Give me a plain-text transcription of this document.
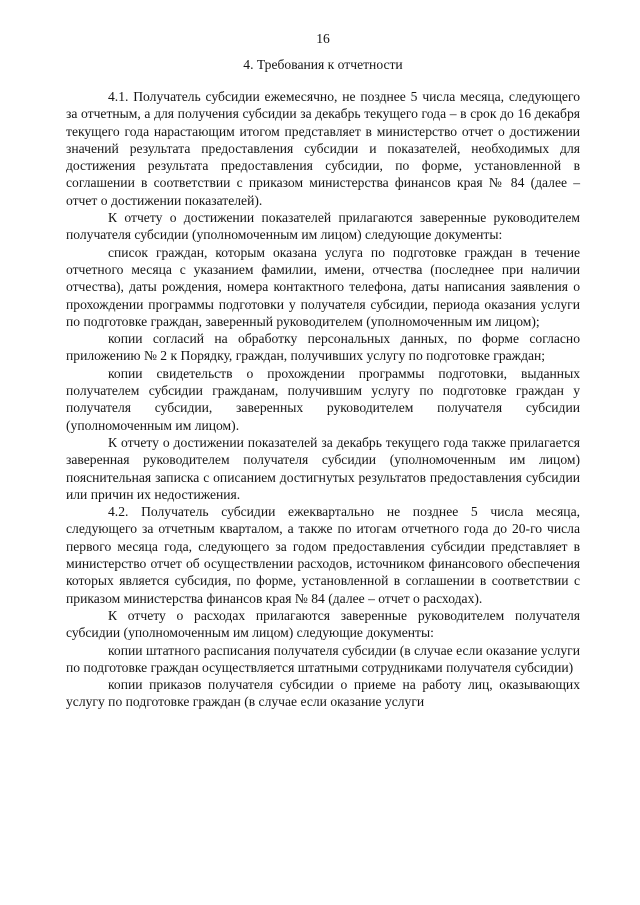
16
4. Требования к отчетности

4.1. Получатель субсидии ежемесячно, не позднее 5 числа месяца, следующего за отчетным, а для получения субсидии за декабрь текущего года – в срок до 16 декабря текущего года нарастающим итогом представляет в министерство отчет о достижении значений результата предоставления субсидии и показателей, необходимых для достижения результата предоставления субсидии, по форме, установленной в соглашении в соответствии с приказом министерства финансов края № 84 (далее – отчет о достижении показателей).

К отчету о достижении показателей прилагаются заверенные руководителем получателя субсидии (уполномоченным им лицом) следующие документы:

список граждан, которым оказана услуга по подготовке граждан в течение отчетного месяца с указанием фамилии, имени, отчества (последнее при наличии отчества), даты рождения, номера контактного телефона, даты написания заявления о прохождении программы подготовки у получателя субсидии, периода оказания услуги по подготовке граждан, заверенный руководителем (уполномоченным им лицом);

копии согласий на обработку персональных данных, по форме согласно приложению № 2 к Порядку, граждан, получивших услугу по подготовке граждан;

копии свидетельств о прохождении программы подготовки, выданных получателем субсидии гражданам, получившим услугу по подготовке граждан у получателя субсидии, заверенных руководителем получателя субсидии (уполномоченным им лицом).

К отчету о достижении показателей за декабрь текущего года также прилагается заверенная руководителем получателя субсидии (уполномоченным им лицом) пояснительная записка с описанием достигнутых результатов предоставления субсидии или причин их недостижения.

4.2. Получатель субсидии ежеквартально не позднее 5 числа месяца, следующего за отчетным кварталом, а также по итогам отчетного года до 20-го числа первого месяца года, следующего за годом предоставления субсидии представляет в министерство отчет об осуществлении расходов, источником финансового обеспечения которых является субсидия, по форме, установленной в соглашении в соответствии с приказом министерства финансов края № 84 (далее – отчет о расходах).

К отчету о расходах прилагаются заверенные руководителем получателя субсидии (уполномоченным им лицом) следующие документы:

копии штатного расписания получателя субсидии (в случае если оказание услуги по подготовке граждан осуществляется штатными сотрудниками получателя субсидии)

копии приказов получателя субсидии о приеме на работу лиц, оказывающих услугу по подготовке граждан (в случае если оказание услуги
